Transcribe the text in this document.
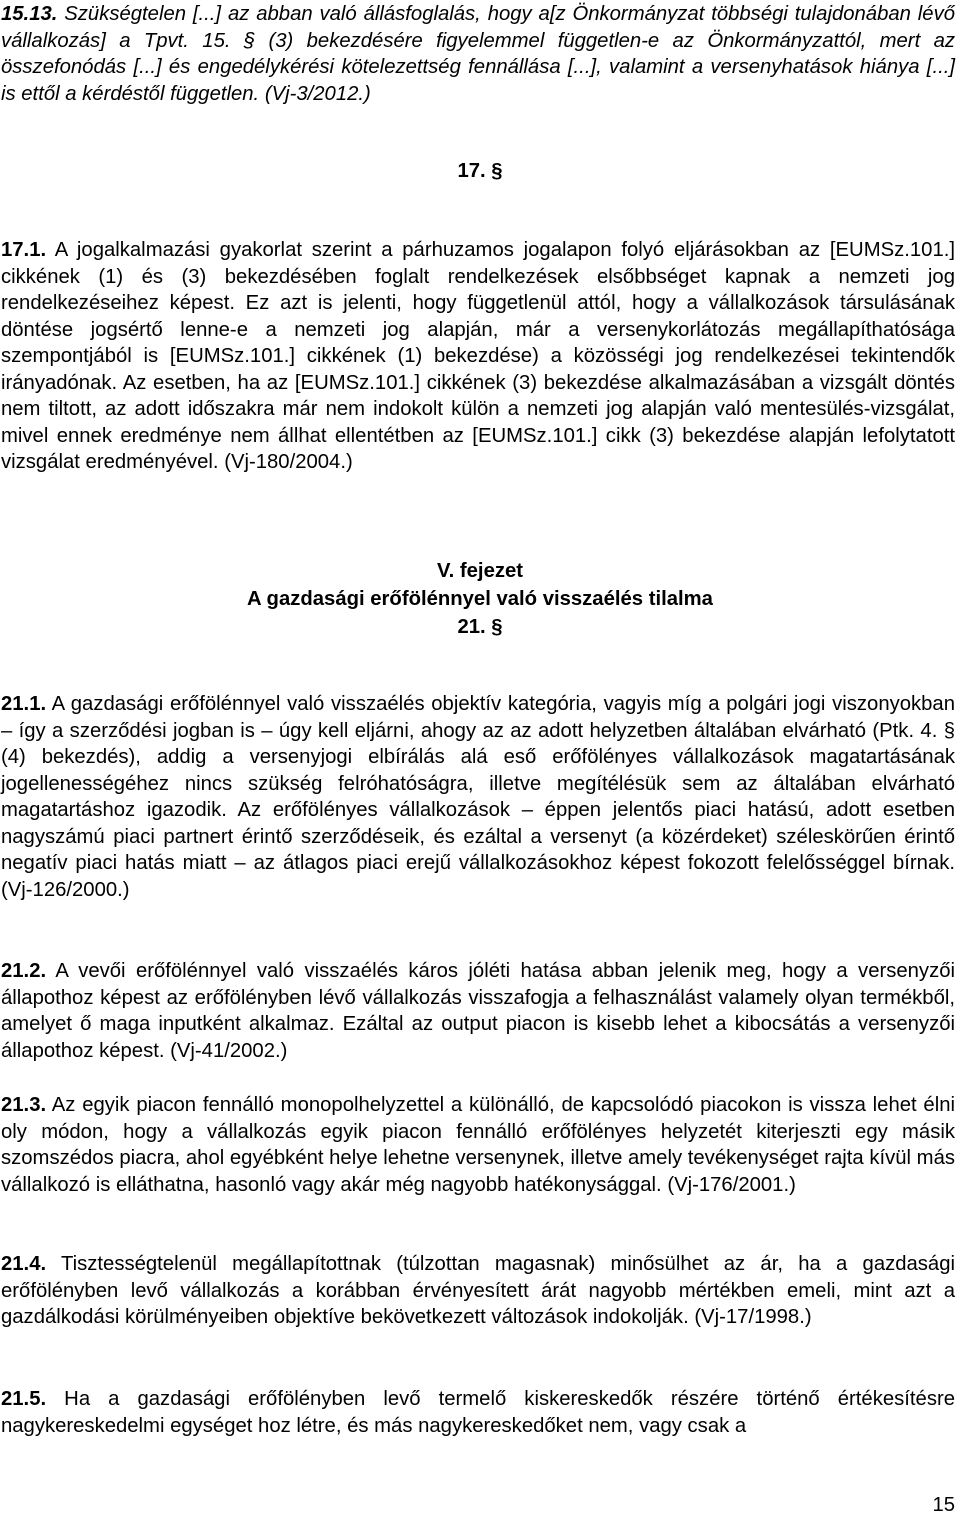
15.13. Szükségtelen [...] az abban való állásfoglalás, hogy a[z Önkormányzat többségi tulajdonában lévő vállalkozás] a Tpvt. 15. § (3) bekezdésére figyelemmel független-e az Önkormányzattól, mert az összefonódás [...] és engedélykérési kötelezettség fennállása [...], valamint a versenyhatások hiánya [...] is ettől a kérdéstől független. (Vj-3/2012.)

17. §

17.1. A jogalkalmazási gyakorlat szerint a párhuzamos jogalapon folyó eljárásokban az [EUMSz.101.] cikkének (1) és (3) bekezdésében foglalt rendelkezések elsőbbséget kapnak a nemzeti jog rendelkezéseihez képest. Ez azt is jelenti, hogy függetlenül attól, hogy a vállalkozások társulásának döntése jogsértő lenne-e a nemzeti jog alapján, már a versenykorlátozás megállapíthatósága szempontjából is [EUMSz.101.] cikkének (1) bekezdése) a közösségi jog rendelkezései tekintendők irányadónak. Az esetben, ha az [EUMSz.101.] cikkének (3) bekezdése alkalmazásában a vizsgált döntés nem tiltott, az adott időszakra már nem indokolt külön a nemzeti jog alapján való mentesülés-vizsgálat, mivel ennek eredménye nem állhat ellentétben az [EUMSz.101.] cikk (3) bekezdése alapján lefolytatott vizsgálat eredményével. (Vj-180/2004.)

V. fejezet

A gazdasági erőfölénnyel való visszaélés tilalma

21. §

21.1. A gazdasági erőfölénnyel való visszaélés objektív kategória, vagyis míg a polgári jogi viszonyokban – így a szerződési jogban is – úgy kell eljárni, ahogy az az adott helyzetben általában elvárható (Ptk. 4. § (4) bekezdés), addig a versenyjogi elbírálás alá eső erőfölényes vállalkozások magatartásának jogellenességéhez nincs szükség felróhatóságra, illetve megítélésük sem az általában elvárható magatartáshoz igazodik. Az erőfölényes vállalkozások – éppen jelentős piaci hatású, adott esetben nagyszámú piaci partnert érintő szerződéseik, és ezáltal a versenyt (a közérdeket) széleskörűen érintő negatív piaci hatás miatt – az átlagos piaci erejű vállalkozásokhoz képest fokozott felelősséggel bírnak. (Vj-126/2000.)

21.2. A vevői erőfölénnyel való visszaélés káros jóléti hatása abban jelenik meg, hogy a versenyzői állapothoz képest az erőfölényben lévő vállalkozás visszafogja a felhasználást valamely olyan termékből, amelyet ő maga inputként alkalmaz. Ezáltal az output piacon is kisebb lehet a kibocsátás a versenyzői állapothoz képest. (Vj-41/2002.)

21.3. Az egyik piacon fennálló monopolhelyzettel a különálló, de kapcsolódó piacokon is vissza lehet élni oly módon, hogy a vállalkozás egyik piacon fennálló erőfölényes helyzetét kiterjeszti egy másik szomszédos piacra, ahol egyébként helye lehetne versenynek, illetve amely tevékenységet rajta kívül más vállalkozó is elláthatna, hasonló vagy akár még nagyobb hatékonysággal. (Vj-176/2001.)

21.4. Tisztességtelenül megállapítottnak (túlzottan magasnak) minősülhet az ár, ha a gazdasági erőfölényben levő vállalkozás a korábban érvényesített árát nagyobb mértékben emeli, mint azt a gazdálkodási körülményeiben objektíve bekövetkezett változások indokolják. (Vj-17/1998.)

21.5. Ha a gazdasági erőfölényben levő termelő kiskereskedők részére történő értékesítésre nagykereskedelmi egységet hoz létre, és más nagykereskedőket nem, vagy csak a

15
